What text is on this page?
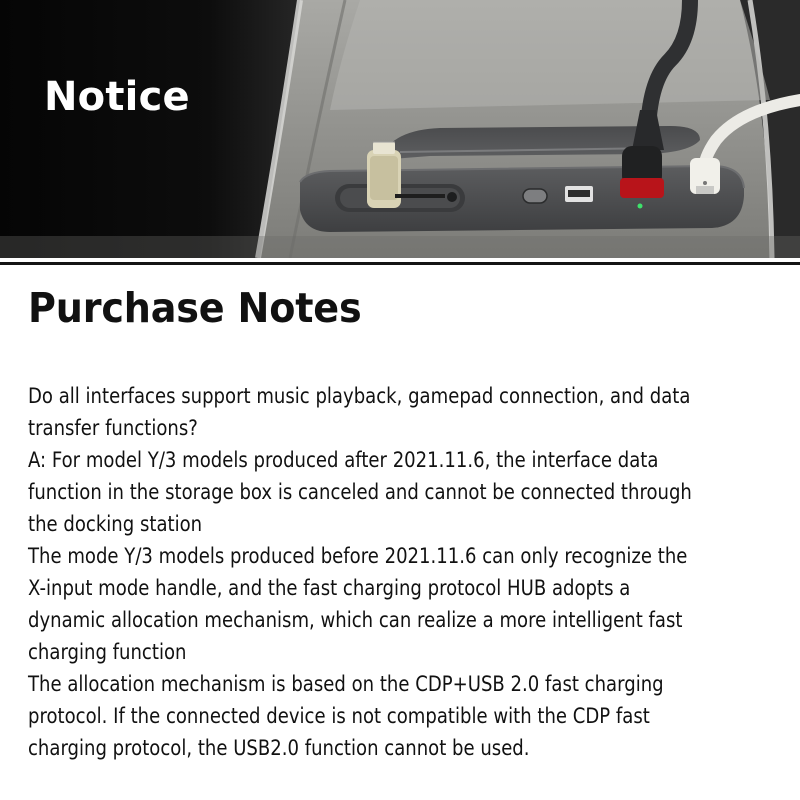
Notice
Purchase Notes

Do all interfaces support music playback, gamepad connection, and data transfer functions?

A: For model Y/3 models produced after 2021.11.6, the interface data function in the storage box is canceled and cannot be connected through the docking station

The mode Y/3 models produced before 2021.11.6 can only recognize the X-input mode handle, and the fast charging protocol HUB adopts a dynamic allocation mechanism, which can realize a more intelligent fast charging function

The allocation mechanism is based on the CDP+USB 2.0 fast charging protocol. If the connected device is not compatible with the CDP fast charging protocol, the USB2.0 function cannot be used.
